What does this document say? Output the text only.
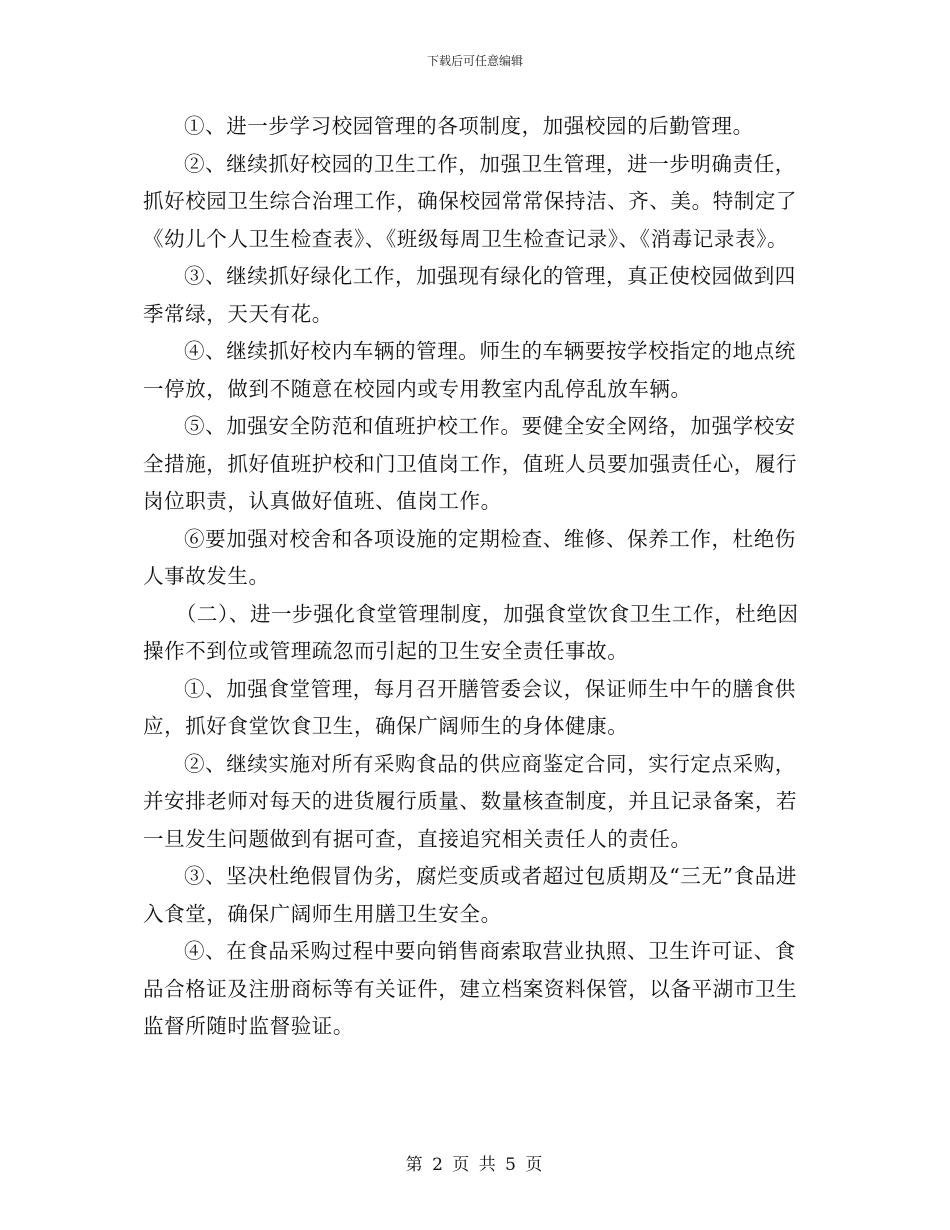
下载后可任意编辑

①、进一步学习校园管理的各项制度，加强校园的后勤管理。

②、继续抓好校园的卫生工作，加强卫生管理，进一步明确责任，抓好校园卫生综合治理工作，确保校园常常保持洁、齐、美。特制定了《幼儿个人卫生检查表》、《班级每周卫生检查记录》、《消毒记录表》。

③、继续抓好绿化工作，加强现有绿化的管理，真正使校园做到四季常绿，天天有花。

④、继续抓好校内车辆的管理。师生的车辆要按学校指定的地点统一停放，做到不随意在校园内或专用教室内乱停乱放车辆。

⑤、加强安全防范和值班护校工作。要健全安全网络，加强学校安全措施，抓好值班护校和门卫值岗工作，值班人员要加强责任心，履行岗位职责，认真做好值班、值岗工作。

⑥要加强对校舍和各项设施的定期检查、维修、保养工作，杜绝伤人事故发生。

（二）、进一步强化食堂管理制度，加强食堂饮食卫生工作，杜绝因操作不到位或管理疏忽而引起的卫生安全责任事故。

①、加强食堂管理，每月召开膳管委会议，保证师生中午的膳食供应，抓好食堂饮食卫生，确保广阔师生的身体健康。

②、继续实施对所有采购食品的供应商鉴定合同，实行定点采购，并安排老师对每天的进货履行质量、数量核查制度，并且记录备案，若一旦发生问题做到有据可查，直接追究相关责任人的责任。

③、坚决杜绝假冒伪劣，腐烂变质或者超过包质期及“三无”食品进入食堂，确保广阔师生用膳卫生安全。

④、在食品采购过程中要向销售商索取营业执照、卫生许可证、食品合格证及注册商标等有关证件，建立档案资料保管，以备平湖市卫生监督所随时监督验证。

第 2 页 共 5 页
